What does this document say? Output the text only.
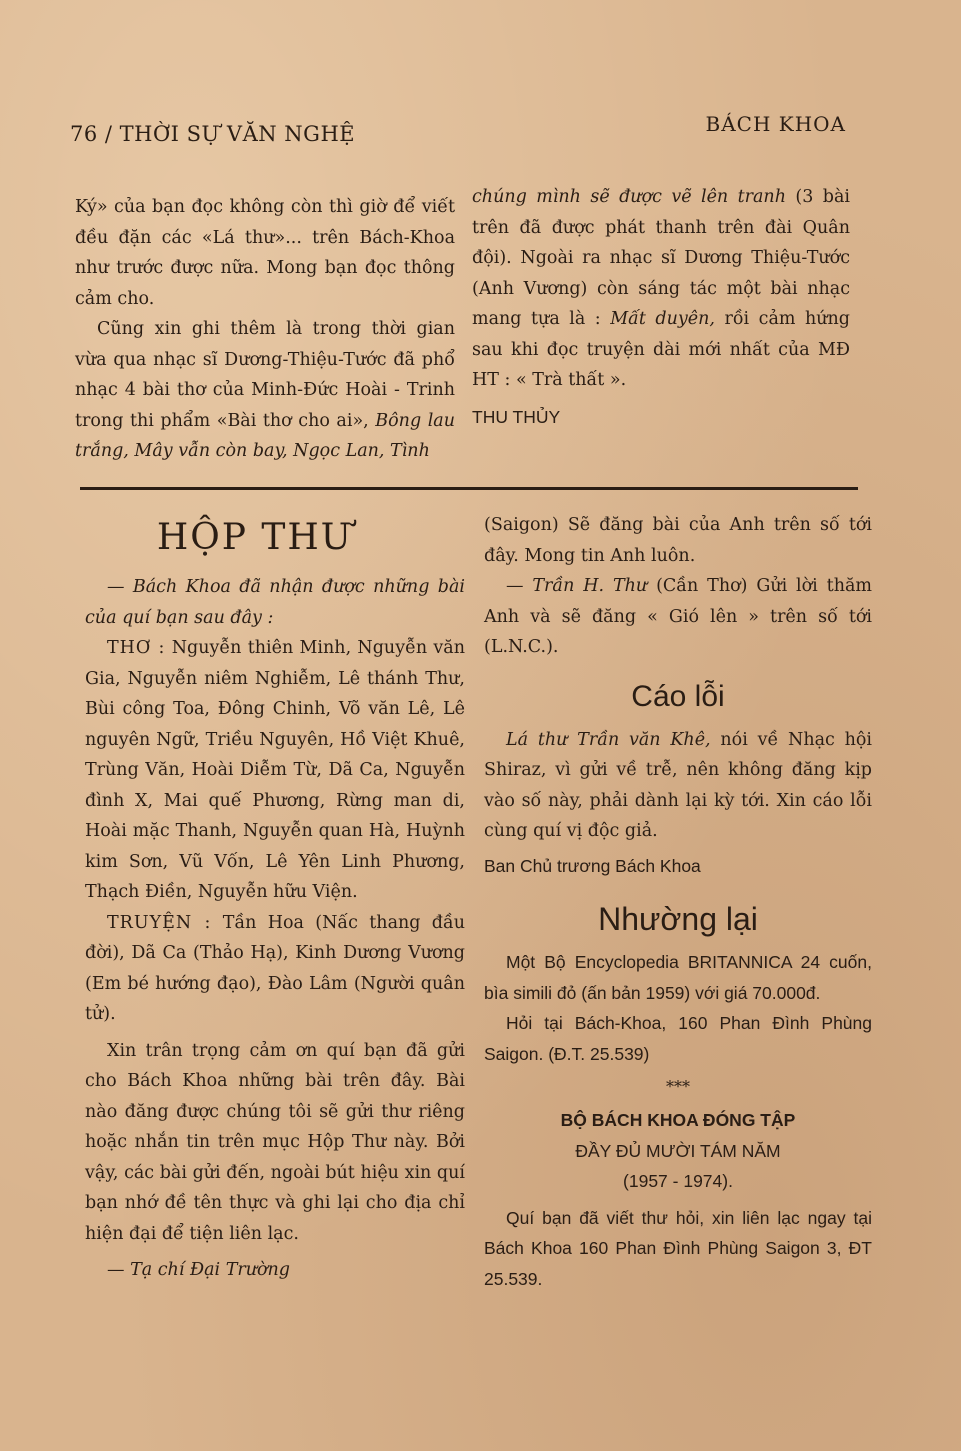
76 / THỜI SỰ VĂN NGHỆ	BÁCH KHOA

Ký» của bạn đọc không còn thì giờ để viết đều đặn các «Lá thư»... trên Bách-Khoa như trước được nữa. Mong bạn đọc thông cảm cho.

Cũng xin ghi thêm là trong thời gian vừa qua nhạc sĩ Dương-Thiệu-Tước đã phổ nhạc 4 bài thơ của Minh-Đức Hoài - Trinh trong thi phẩm «Bài thơ cho ai», Bông lau trắng, Mây vẫn còn bay, Ngọc Lan, Tình

chúng mình sẽ được vẽ lên tranh (3 bài trên đã được phát thanh trên đài Quân đội). Ngoài ra nhạc sĩ Dương Thiệu-Tước (Anh Vương) còn sáng tác một bài nhạc mang tựa là : Mất duyên, rồi cảm hứng sau khi đọc truyện dài mới nhất của MĐ HT : « Trà thất ».

THU THỦY

HỘP THƯ

— Bách Khoa đã nhận được những bài của quí bạn sau đây :

THƠ : Nguyễn thiên Minh, Nguyễn văn Gia, Nguyễn niêm Nghiễm, Lê thánh Thư, Bùi công Toa, Đông Chinh, Võ văn Lê, Lê nguyên Ngữ, Triều Nguyên, Hồ Việt Khuê, Trùng Văn, Hoài Diễm Từ, Dã Ca, Nguyễn đình X, Mai quế Phương, Rừng man di, Hoài mặc Thanh, Nguyễn quan Hà, Huỳnh kim Sơn, Vũ Vốn, Lê Yên Linh Phương, Thạch Điền, Nguyễn hữu Viện.

TRUYỆN : Tần Hoa (Nấc thang đầu đời), Dã Ca (Thảo Hạ), Kinh Dương Vương (Em bé hướng đạo), Đào Lâm (Người quân tử).

Xin trân trọng cảm ơn quí bạn đã gửi cho Bách Khoa những bài trên đây. Bài nào đăng được chúng tôi sẽ gửi thư riêng hoặc nhắn tin trên mục Hộp Thư này. Bởi vậy, các bài gửi đến, ngoài bút hiệu xin quí bạn nhớ đề tên thực và ghi lại cho địa chỉ hiện đại để tiện liên lạc.

— Tạ chí Đại Trường

(Saigon) Sẽ đăng bài của Anh trên số tới đây. Mong tin Anh luôn.

— Trần H. Thư (Cần Thơ) Gửi lời thăm Anh và sẽ đăng « Gió lên » trên số tới (L.N.C.).

Cáo lỗi

Lá thư Trần văn Khê, nói về Nhạc hội Shiraz, vì gửi về trễ, nên không đăng kịp vào số này, phải dành lại kỳ tới. Xin cáo lỗi cùng quí vị độc giả.

Ban Chủ trương Bách Khoa

Nhường lại

Một Bộ Encyclopedia BRITANNICA 24 cuốn, bìa simili đỏ (ấn bản 1959) với giá 70.000đ.

Hỏi tại Bách-Khoa, 160 Phan Đình Phùng Saigon. (Đ.T. 25.539)

***

BỘ BÁCH KHOA ĐÓNG TẬP

ĐẦY ĐỦ MƯỜI TÁM NĂM

(1957 - 1974).

Quí bạn đã viết thư hỏi, xin liên lạc ngay tại Bách Khoa 160 Phan Đình Phùng Saigon 3, ĐT 25.539.
